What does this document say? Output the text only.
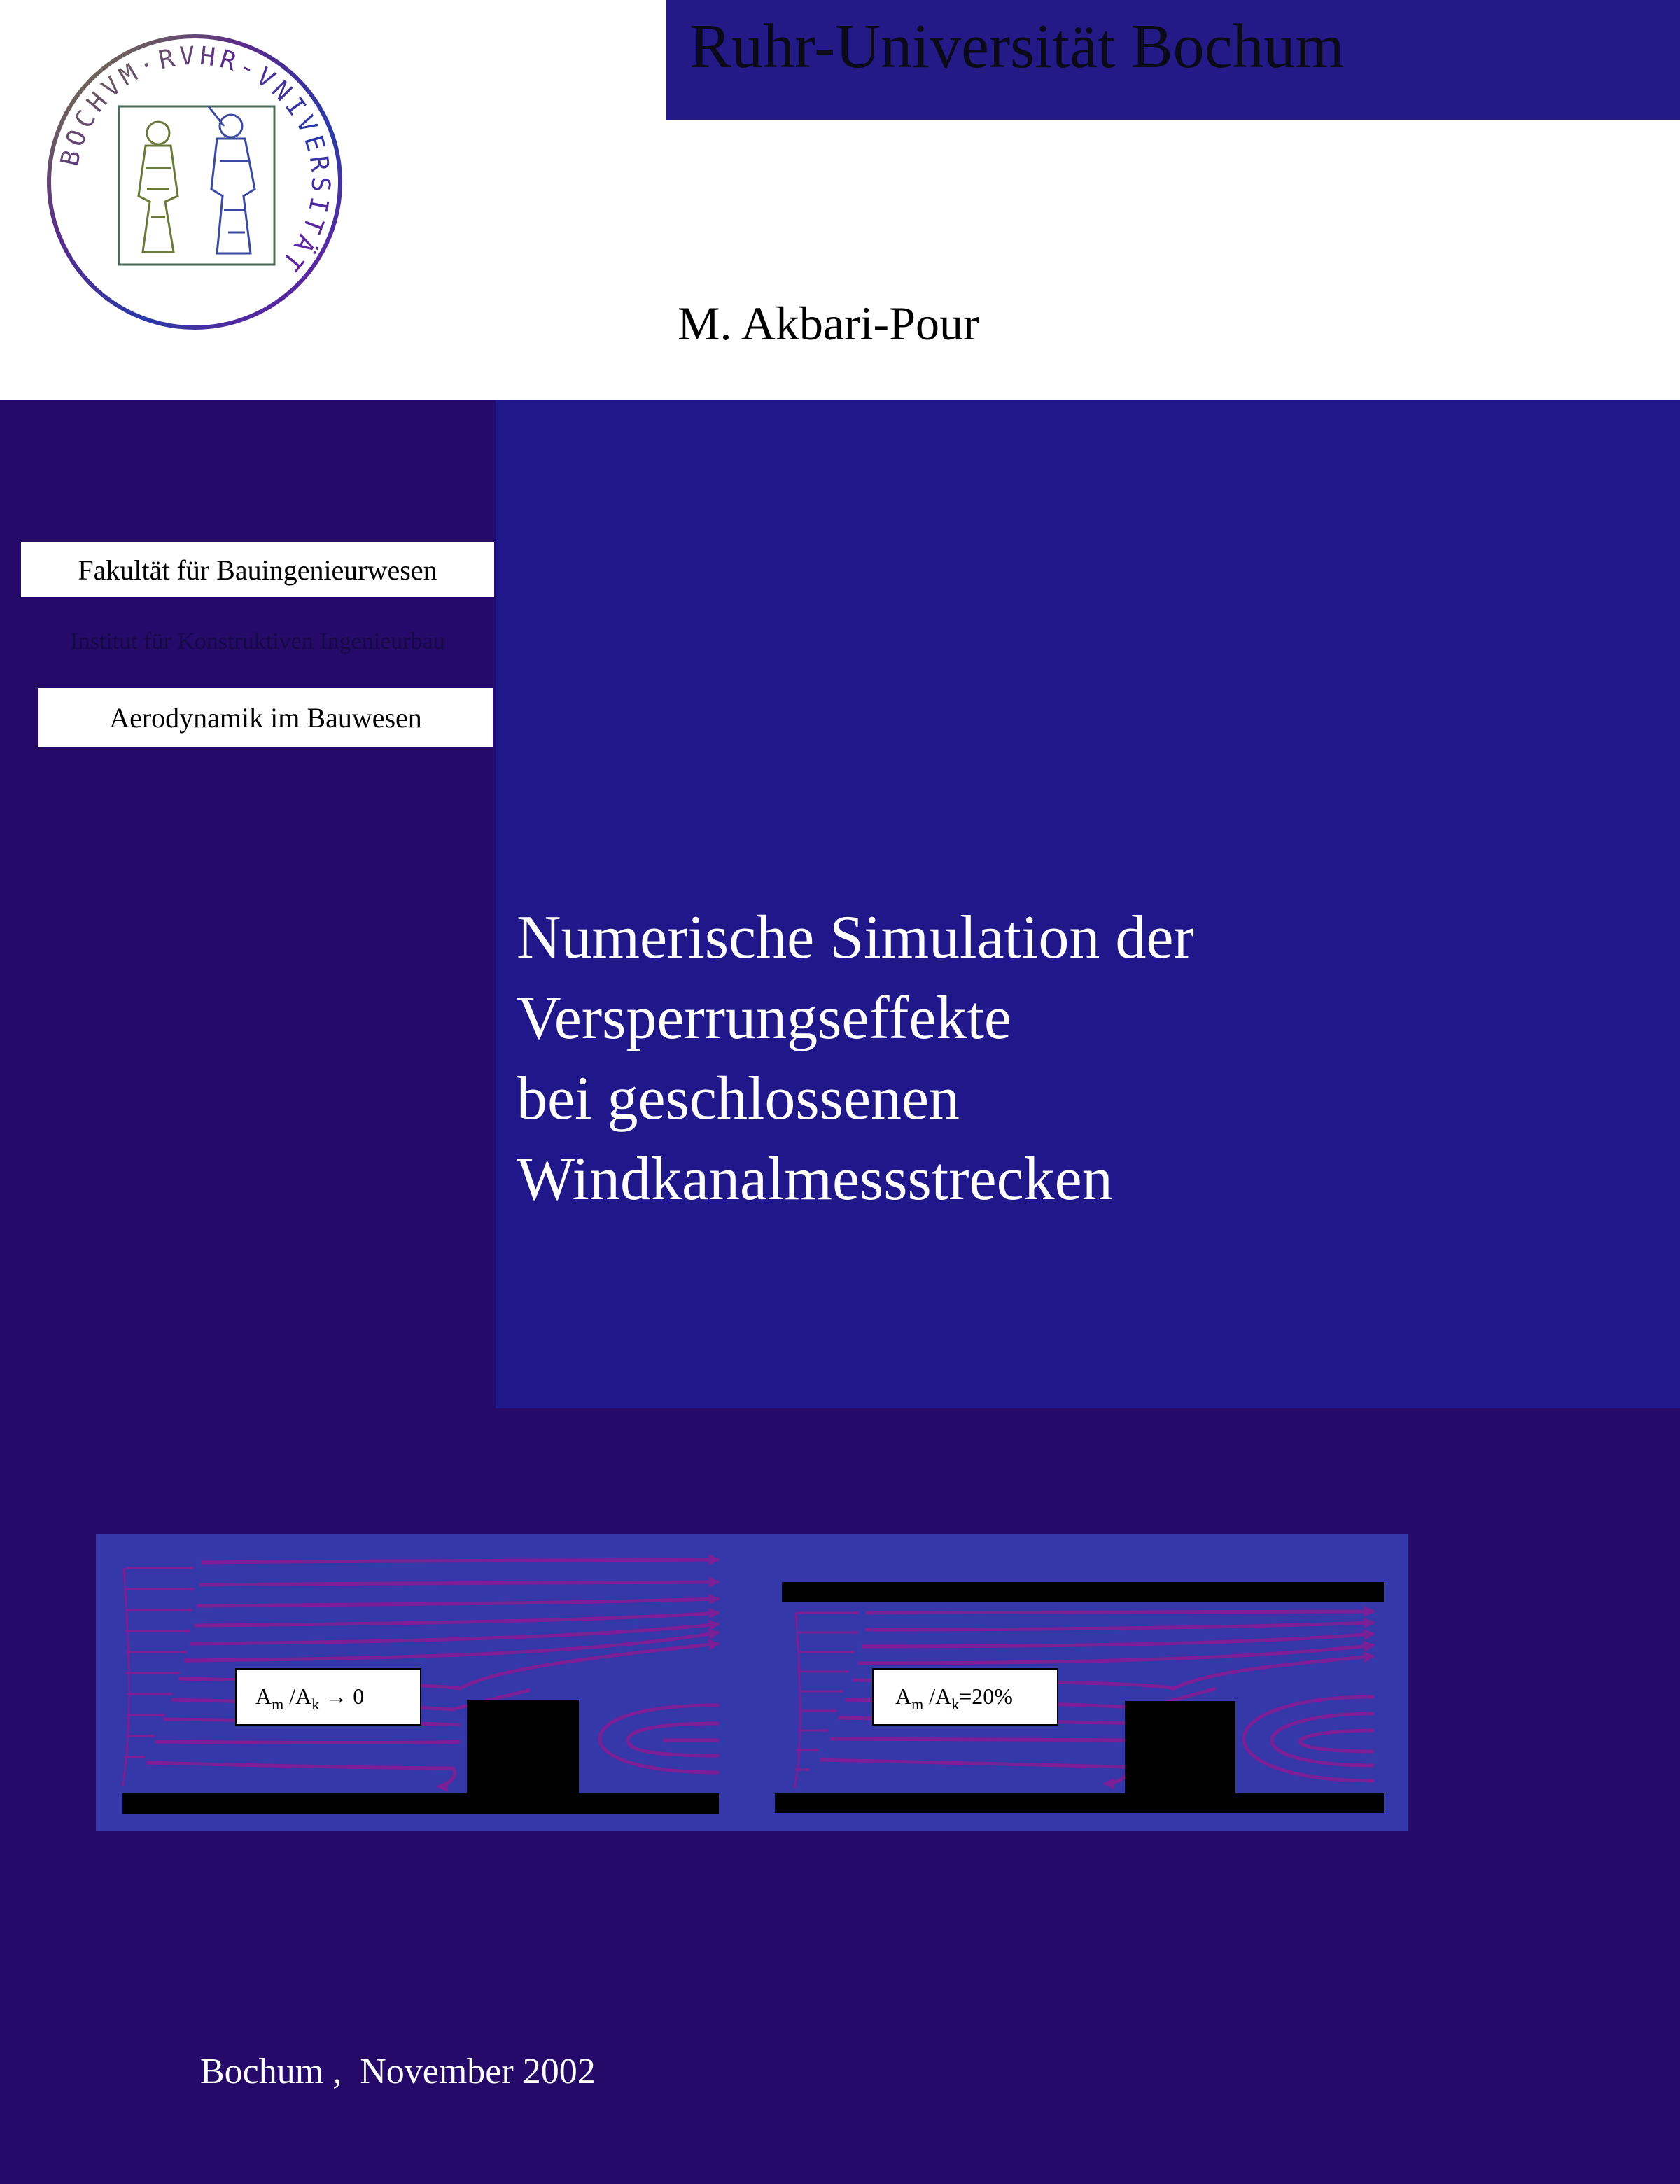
Ruhr-Universität Bochum
BOCHVM·RVHR-VNIVERSITÄT
M. Akbari-Pour
Fakultät für Bauingenieurwesen
Institut für Konstruktiven Ingenieurbau
Aerodynamik im Bauwesen
Numerische Simulation der
Versperrungseffekte
bei geschlossenen
Windkanalmessstrecken
$A_m$ $/A_k \to 0$	$A_m$ $/A_k=20\%$
Bochum ,  November 2002
